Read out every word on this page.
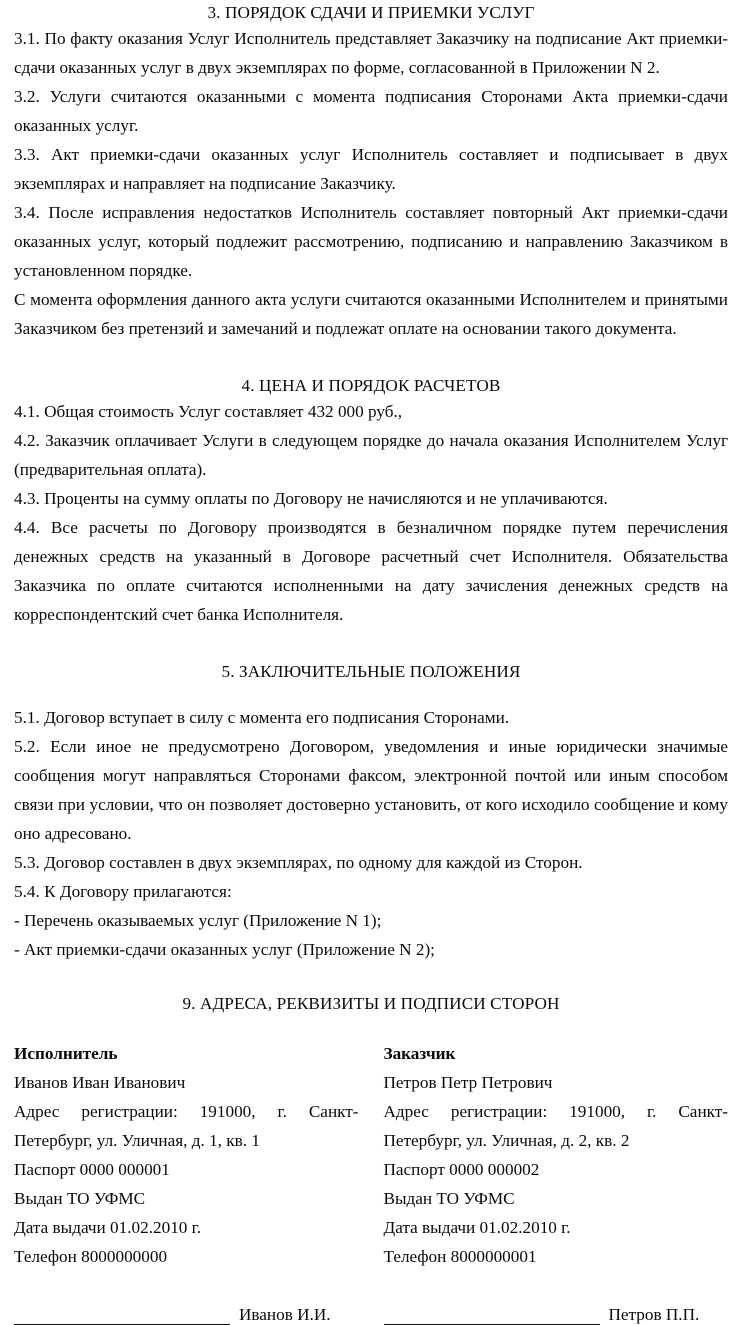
3. ПОРЯДОК СДАЧИ И ПРИЕМКИ УСЛУГ

3.1. По факту оказания Услуг Исполнитель представляет Заказчику на подписание Акт приемки-сдачи оказанных услуг в двух экземплярах по форме, согласованной в Приложении N 2.

3.2. Услуги считаются оказанными с момента подписания Сторонами Акта приемки-сдачи оказанных услуг.

3.3. Акт приемки-сдачи оказанных услуг Исполнитель составляет и подписывает в двух экземплярах и направляет на подписание Заказчику.

3.4. После исправления недостатков Исполнитель составляет повторный Акт приемки-сдачи оказанных услуг, который подлежит рассмотрению, подписанию и направлению Заказчиком в установленном порядке.

С момента оформления данного акта услуги считаются оказанными Исполнителем и принятыми Заказчиком без претензий и замечаний и подлежат оплате на основании такого документа.

4. ЦЕНА И ПОРЯДОК РАСЧЕТОВ

4.1. Общая стоимость Услуг составляет 432 000 руб.,

4.2. Заказчик оплачивает Услуги в следующем порядке до начала оказания Исполнителем Услуг (предварительная оплата).

4.3. Проценты на сумму оплаты по Договору не начисляются и не уплачиваются.

4.4. Все расчеты по Договору производятся в безналичном порядке путем перечисления денежных средств на указанный в Договоре расчетный счет Исполнителя. Обязательства Заказчика по оплате считаются исполненными на дату зачисления денежных средств на корреспондентский счет банка Исполнителя.

5. ЗАКЛЮЧИТЕЛЬНЫЕ ПОЛОЖЕНИЯ

5.1. Договор вступает в силу с момента его подписания Сторонами.

5.2. Если иное не предусмотрено Договором, уведомления и иные юридически значимые сообщения могут направляться Сторонами факсом, электронной почтой или иным способом связи при условии, что он позволяет достоверно установить, от кого исходило сообщение и кому оно адресовано.

5.3. Договор составлен в двух экземплярах, по одному для каждой из Сторон.

5.4. К Договору прилагаются:

- Перечень оказываемых услуг (Приложение N 1);

- Акт приемки-сдачи оказанных услуг (Приложение N 2);

9. АДРЕСА, РЕКВИЗИТЫ И ПОДПИСИ СТОРОН

Исполнитель

Иванов Иван Иванович

Адрес регистрации: 191000, г. Санкт-Петербург, ул. Уличная, д. 1, кв. 1

Паспорт 0000 000001

Выдан ТО УФМС

Дата выдачи 01.02.2010 г.

Телефон 8000000000

Заказчик

Петров Петр Петрович

Адрес регистрации: 191000, г. Санкт-Петербург, ул. Уличная, д. 2, кв. 2

Паспорт 0000 000002

Выдан ТО УФМС

Дата выдачи 01.02.2010 г.

Телефон 8000000001

Иванов И.И.	Петров П.П.
